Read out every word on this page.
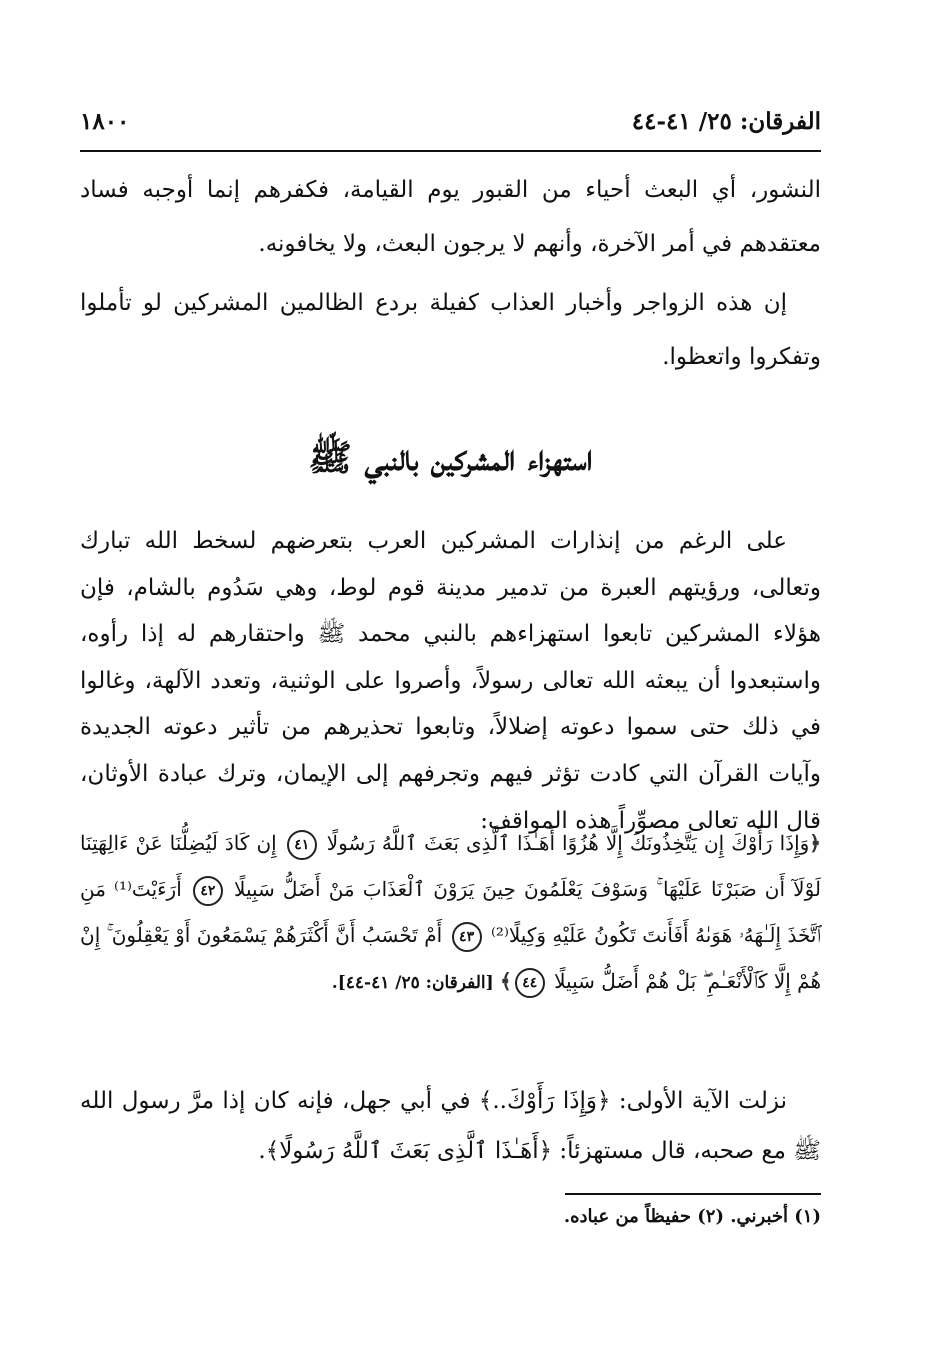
الفرقان: ٢٥/ ٤١-٤٤
١٨٠٠

النشور، أي البعث أحياء من القبور يوم القيامة، فكفرهم إنما أوجبه فساد معتقدهم في أمر الآخرة، وأنهم لا يرجون البعث، ولا يخافونه.

إن هذه الزواجر وأخبار العذاب كفيلة بردع الظالمين المشركين لو تأملوا وتفكروا واتعظوا.

استهزاء المشركين بالنبي ﷺ

على الرغم من إنذارات المشركين العرب بتعرضهم لسخط الله تبارك وتعالى، ورؤيتهم العبرة من تدمير مدينة قوم لوط، وهي سَدُوم بالشام، فإن هؤلاء المشركين تابعوا استهزاءهم بالنبي محمد ﷺ واحتقارهم له إذا رأوه، واستبعدوا أن يبعثه الله تعالى رسولاً، وأصروا على الوثنية، وتعدد الآلهة، وغالوا في ذلك حتى سموا دعوته إضلالاً، وتابعوا تحذيرهم من تأثير دعوته الجديدة وآيات القرآن التي كادت تؤثر فيهم وتجرفهم إلى الإيمان، وترك عبادة الأوثان، قال الله تعالى مصوِّراً هذه المواقف:

﴿وَإِذَا رَأَوْكَ إِن يَتَّخِذُونَكَ إِلَّا هُزُوًا أَهَـٰذَا ٱلَّذِى بَعَثَ ٱللَّهُ رَسُولًا ٤١ إِن كَادَ لَيُضِلُّنَا عَنْ ءَالِهَتِنَا لَوْلَآ أَن صَبَرْنَا عَلَيْهَا ۚ وَسَوْفَ يَعْلَمُونَ حِينَ يَرَوْنَ ٱلْعَذَابَ مَنْ أَضَلُّ سَبِيلًا ٤٢ أَرَءَيْتَ⁽¹⁾ مَنِ ٱتَّخَذَ إِلَـٰهَهُۥ هَوَىٰهُ أَفَأَنتَ تَكُونُ عَلَيْهِ وَكِيلًا⁽²⁾ ٤٣ أَمْ تَحْسَبُ أَنَّ أَكْثَرَهُمْ يَسْمَعُونَ أَوْ يَعْقِلُونَ ۚ إِنْ هُمْ إِلَّا كَٱلْأَنْعَـٰمِ ۖ بَلْ هُمْ أَضَلُّ سَبِيلًا ٤٤﴾ [الفرقان: ٢٥/ ٤١-٤٤].

نزلت الآية الأولى: ﴿وَإِذَا رَأَوْكَ..﴾ في أبي جهل، فإنه كان إذا مرَّ رسول الله ﷺ مع صحبه، قال مستهزئاً: ﴿أَهَـٰذَا ٱلَّذِى بَعَثَ ٱللَّهُ رَسُولًا﴾.

(١) أخبرني. (٢) حفيظاً من عباده.
